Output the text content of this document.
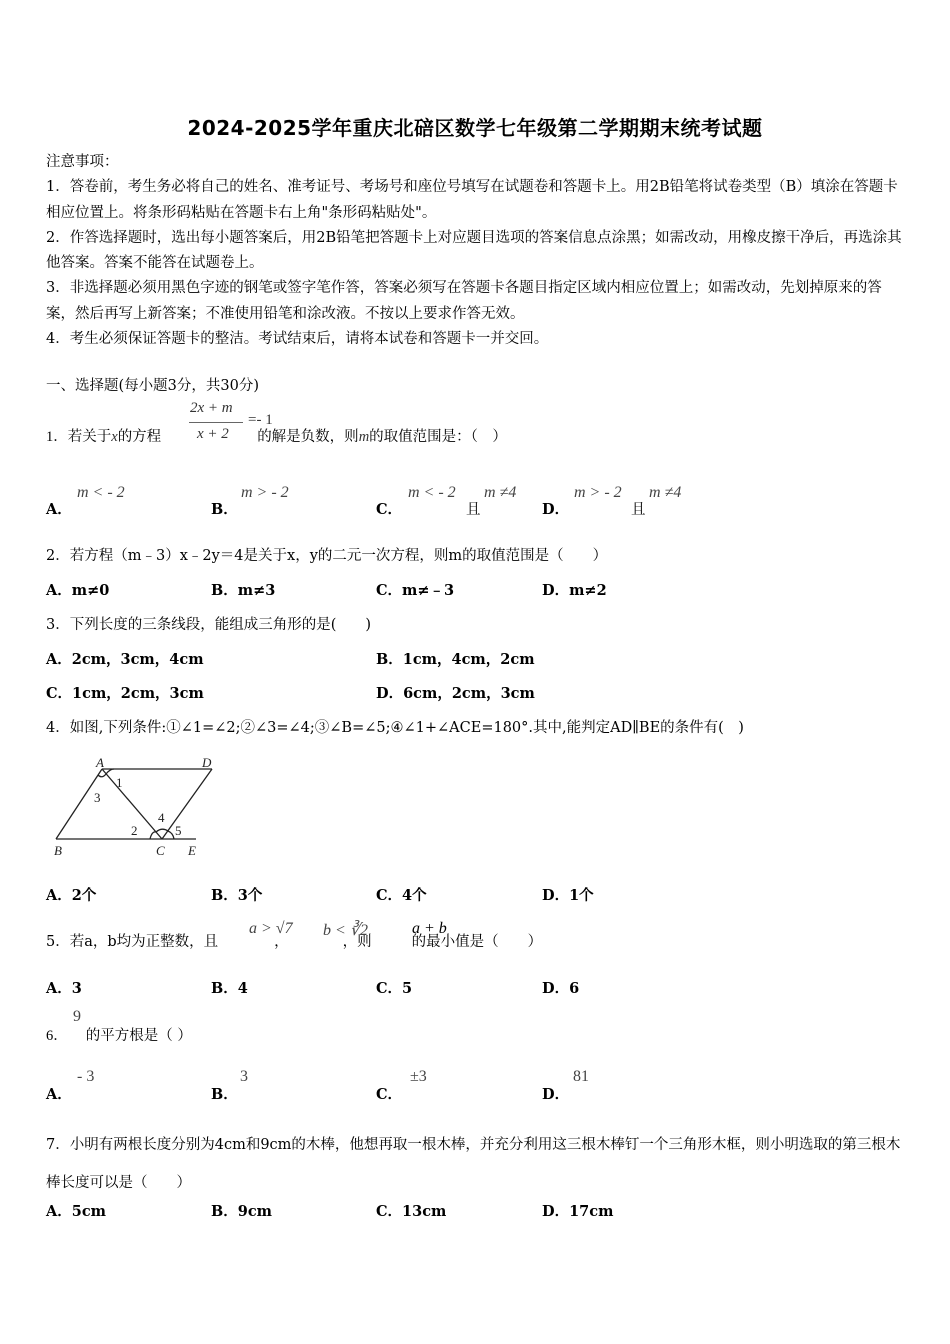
2024-2025学年重庆北碚区数学七年级第二学期期末统考试题

注意事项：

1．答卷前，考生务必将自己的姓名、准考证号、考场号和座位号填写在试题卷和答题卡上。用2B铅笔将试卷类型（B）填涂在答题卡相应位置上。将条形码粘贴在答题卡右上角"条形码粘贴处"。

2．作答选择题时，选出每小题答案后，用2B铅笔把答题卡上对应题目选项的答案信息点涂黑；如需改动，用橡皮擦干净后，再选涂其他答案。答案不能答在试题卷上。

3．非选择题必须用黑色字迹的钢笔或签字笔作答，答案必须写在答题卡各题目指定区域内相应位置上；如需改动，先划掉原来的答案，然后再写上新答案；不准使用铅笔和涂改液。不按以上要求作答无效。

4．考生必须保证答题卡的整洁。考试结束后，请将本试卷和答题卡一并交回。

一、选择题(每小题3分，共30分)
1．若关于x的方程	的解是负数，则m的取值范围是：（　）
2x + m
x + 2
=- 1
A．
m < - 2
B．
m > - 2
C．
m < - 2
且
m ≠4
D．
m > - 2
且
m ≠4
2．若方程（m﹣3）x﹣2y＝4是关于x，y的二元一次方程，则m的取值范围是（　　）
A．m≠0	B．m≠3	C．m≠﹣3	D．m≠2
3．下列长度的三条线段，能组成三角形的是(　　)
A．2cm，3cm，4cm	B．1cm，4cm，2cm
C．1cm，2cm，3cm	D．6cm，2cm，3cm
4．如图,下列条件:①∠1=∠2;②∠3=∠4;③∠B=∠5;④∠1+∠ACE=180°.其中,能判定AD∥BE的条件有(　)
A	D
B	C E
1
2
3
4
5
A．2个	B．3个	C．4个	D．1个
5．若a，b均为正整数，且	，	，则	的最小值是（　　）
a > √7 b < ∛2	a + b
A．3	B．4	C．5	D．6
6． 的平方根是（ ）
9
A．
- 3
B．
3
C．
±3
D．
81
7．小明有两根长度分别为4cm和9cm的木棒，他想再取一根木棒，并充分利用这三根木棒钉一个三角形木框，则小明选取的第三根木棒长度可以是（　　）
A．5cm	B．9cm	C．13cm	D．17cm
